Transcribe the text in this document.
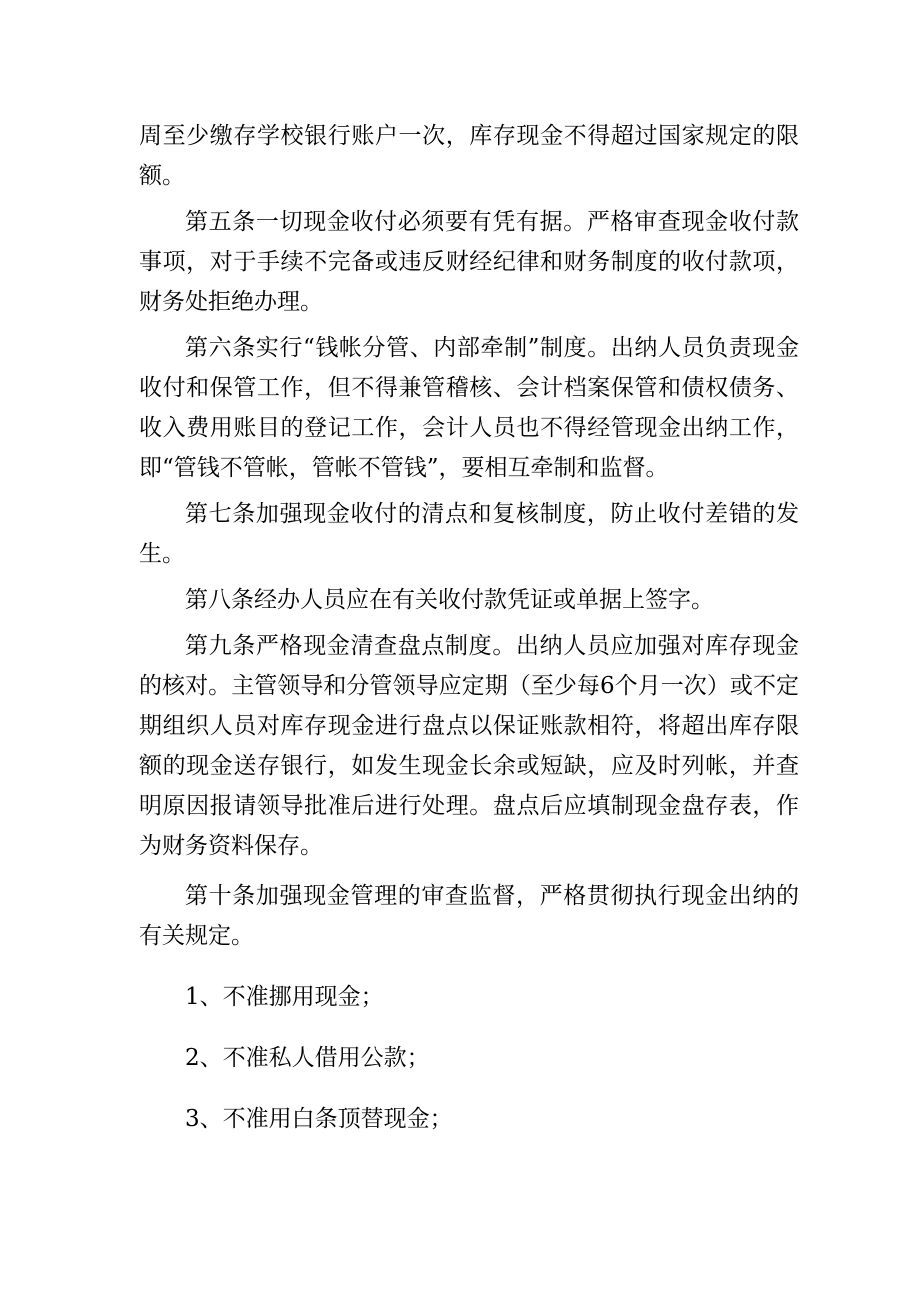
周至少缴存学校银行账户一次，库存现金不得超过国家规定的限额。

第五条一切现金收付必须要有凭有据。严格审查现金收付款事项，对于手续不完备或违反财经纪律和财务制度的收付款项，财务处拒绝办理。

第六条实行“钱帐分管、内部牵制”制度。出纳人员负责现金收付和保管工作，但不得兼管稽核、会计档案保管和债权债务、收入费用账目的登记工作，会计人员也不得经管现金出纳工作，即“管钱不管帐，管帐不管钱”，要相互牵制和监督。

第七条加强现金收付的清点和复核制度，防止收付差错的发生。

第八条经办人员应在有关收付款凭证或单据上签字。

第九条严格现金清查盘点制度。出纳人员应加强对库存现金的核对。主管领导和分管领导应定期（至少每6个月一次）或不定期组织人员对库存现金进行盘点以保证账款相符，将超出库存限额的现金送存银行，如发生现金长余或短缺，应及时列帐，并查明原因报请领导批准后进行处理。盘点后应填制现金盘存表，作为财务资料保存。

第十条加强现金管理的审查监督，严格贯彻执行现金出纳的有关规定。

1、不准挪用现金；

2、不准私人借用公款；

3、不准用白条顶替现金；
